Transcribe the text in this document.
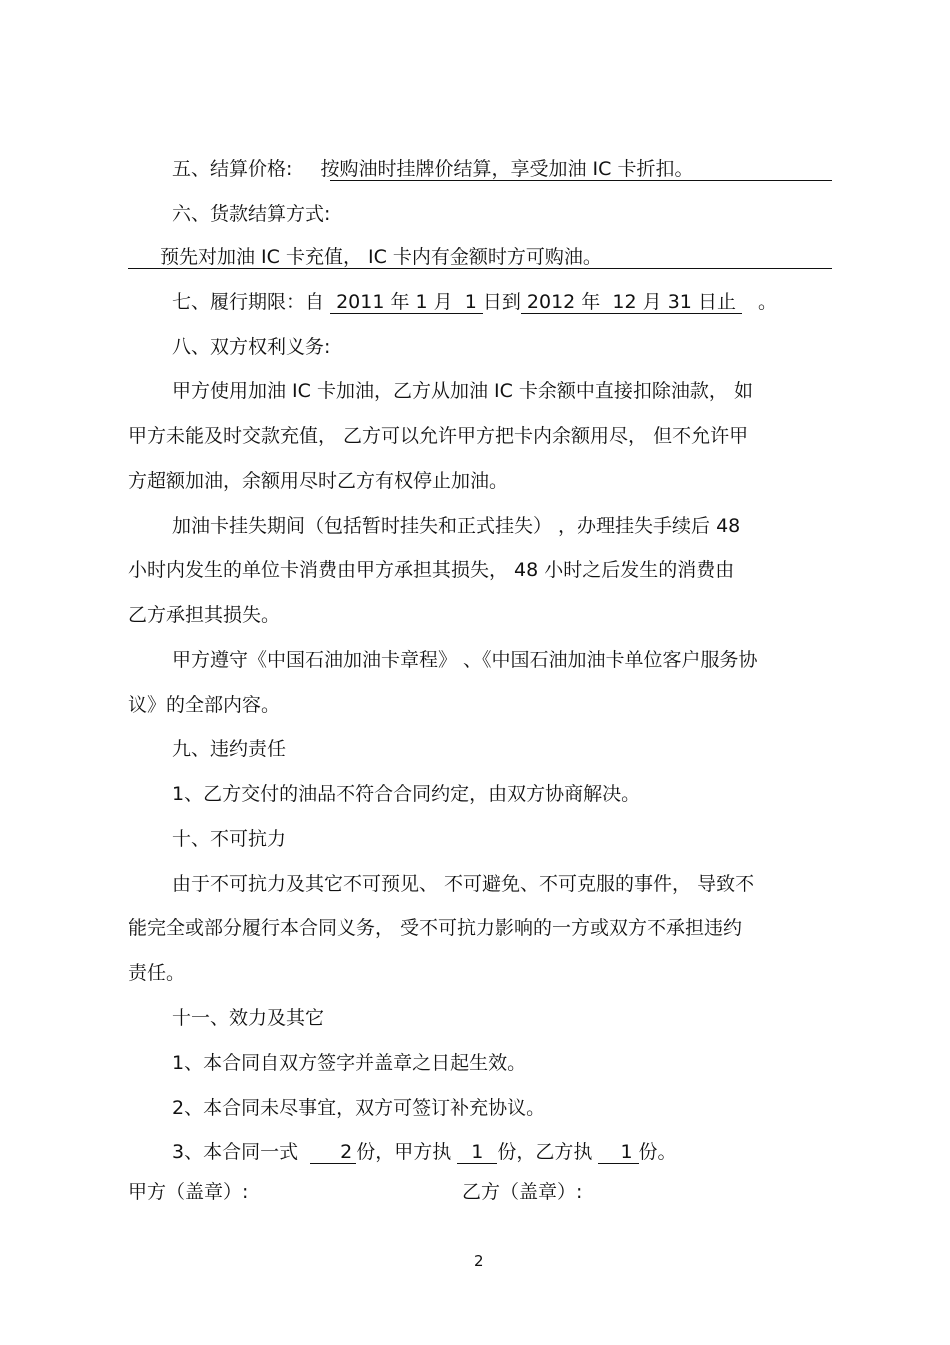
五、结算价格: 按购油时挂牌价结算，享受加油 IC 卡折扣。
六、货款结算方式:
预先对加油 IC 卡充值， IC 卡内有金额时方可购油。
七、履行期限：自 2011 年 1 月 1 日到 2012 年 12 月 31 日止 。
八、双方权利义务:
甲方使用加油 IC 卡加油，乙方从加油 IC 卡余额中直接扣除油款， 如
甲方未能及时交款充值， 乙方可以允许甲方把卡内余额用尽， 但不允许甲
方超额加油，余额用尽时乙方有权停止加油。
加油卡挂失期间（包括暂时挂失和正式挂失） ，办理挂失手续后 48
小时内发生的单位卡消费由甲方承担其损失， 48 小时之后发生的消费由
乙方承担其损失。
甲方遵守《中国石油加油卡章程》 、《中国石油加油卡单位客户服务协
议》的全部内容。
九、违约责任
1、乙方交付的油品不符合合同约定，由双方协商解决。
十、不可抗力
由于不可抗力及其它不可预见、 不可避免、不可克服的事件， 导致不
能完全或部分履行本合同义务， 受不可抗力影响的一方或双方不承担违约
责任。
十一、效力及其它
1、本合同自双方签字并盖章之日起生效。
2、本合同未尽事宜，双方可签订补充协议。
3、本合同一式 2 份，甲方执 1 份，乙方执 1 份。
甲方（盖章）:	乙方（盖章）:
2
